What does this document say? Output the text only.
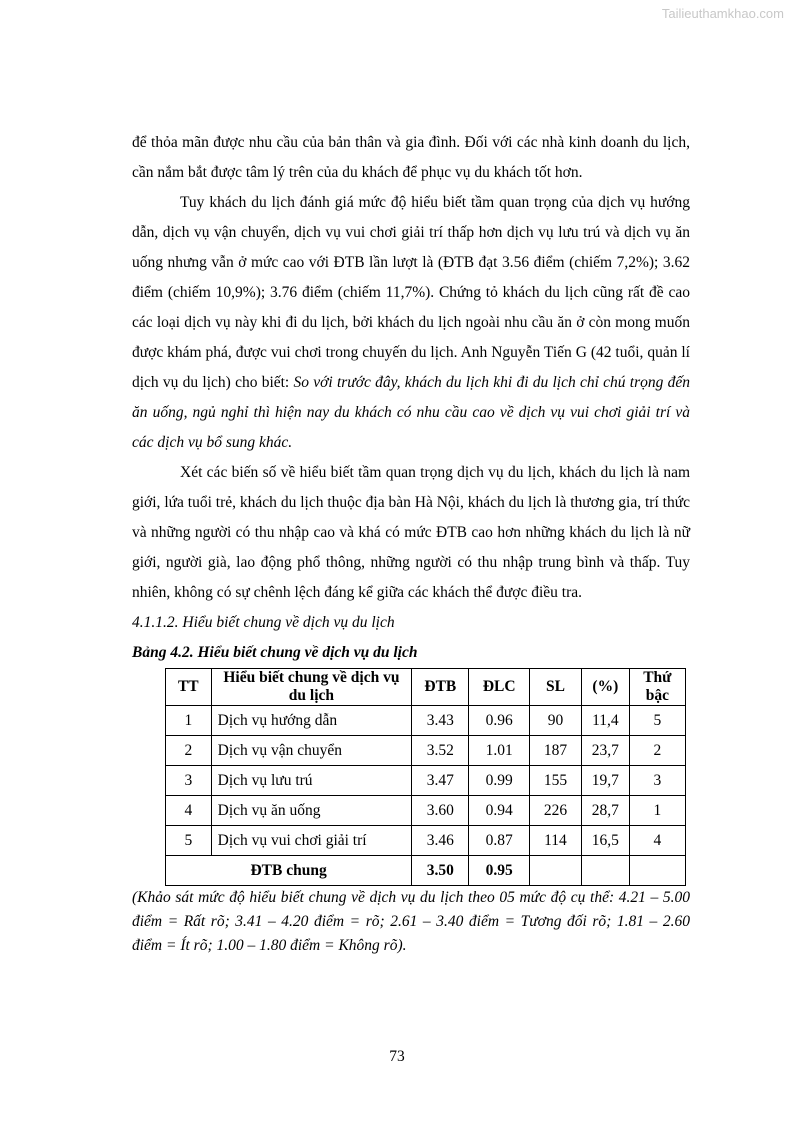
Tailieuthamkhao.com

để thỏa mãn được nhu cầu của bản thân và gia đình. Đối với các nhà kinh doanh du lịch, cần nắm bắt được tâm lý trên của du khách để phục vụ du khách tốt hơn.

Tuy khách du lịch đánh giá mức độ hiểu biết tầm quan trọng của dịch vụ hướng dẫn, dịch vụ vận chuyển, dịch vụ vui chơi giải trí thấp hơn dịch vụ lưu trú và dịch vụ ăn uống nhưng vẫn ở mức cao với ĐTB lần lượt là (ĐTB đạt 3.56 điểm (chiếm 7,2%); 3.62 điểm (chiếm 10,9%); 3.76 điểm (chiếm 11,7%). Chứng tỏ khách du lịch cũng rất đề cao các loại dịch vụ này khi đi du lịch, bởi khách du lịch ngoài nhu cầu ăn ở còn mong muốn được khám phá, được vui chơi trong chuyến du lịch. Anh Nguyễn Tiến G (42 tuổi, quản lí dịch vụ du lịch) cho biết: So với trước đây, khách du lịch khi đi du lịch chỉ chú trọng đến ăn uống, ngủ nghỉ thì hiện nay du khách có nhu cầu cao về dịch vụ vui chơi giải trí và các dịch vụ bổ sung khác.

Xét các biến số về hiểu biết tầm quan trọng dịch vụ du lịch, khách du lịch là nam giới, lứa tuổi trẻ, khách du lịch thuộc địa bàn Hà Nội, khách du lịch là thương gia, trí thức và những người có thu nhập cao và khá có mức ĐTB cao hơn những khách du lịch là nữ giới, người già, lao động phổ thông, những người có thu nhập trung bình và thấp. Tuy nhiên, không có sự chênh lệch đáng kể giữa các khách thể được điều tra.

4.1.1.2. Hiểu biết chung về dịch vụ du lịch

Bảng 4.2. Hiểu biết chung về dịch vụ du lịch

TT	Hiểu biết chung về dịch vụ du lịch	ĐTB	ĐLC	SL	(%)	Thứ bậc
1	Dịch vụ hướng dẫn	3.43	0.96	90	11,4	5
2	Dịch vụ vận chuyển	3.52	1.01	187	23,7	2
3	Dịch vụ lưu trú	3.47	0.99	155	19,7	3
4	Dịch vụ ăn uống	3.60	0.94	226	28,7	1
5	Dịch vụ vui chơi giải trí	3.46	0.87	114	16,5	4
ĐTB chung		3.50	0.95			

(Khảo sát mức độ hiểu biết chung về dịch vụ du lịch theo 05 mức độ cụ thể: 4.21 – 5.00 điểm = Rất rõ; 3.41 – 4.20 điểm = rõ; 2.61 – 3.40 điểm = Tương đối rõ; 1.81 – 2.60 điểm = Ít rõ; 1.00 – 1.80 điểm = Không rõ).

73
